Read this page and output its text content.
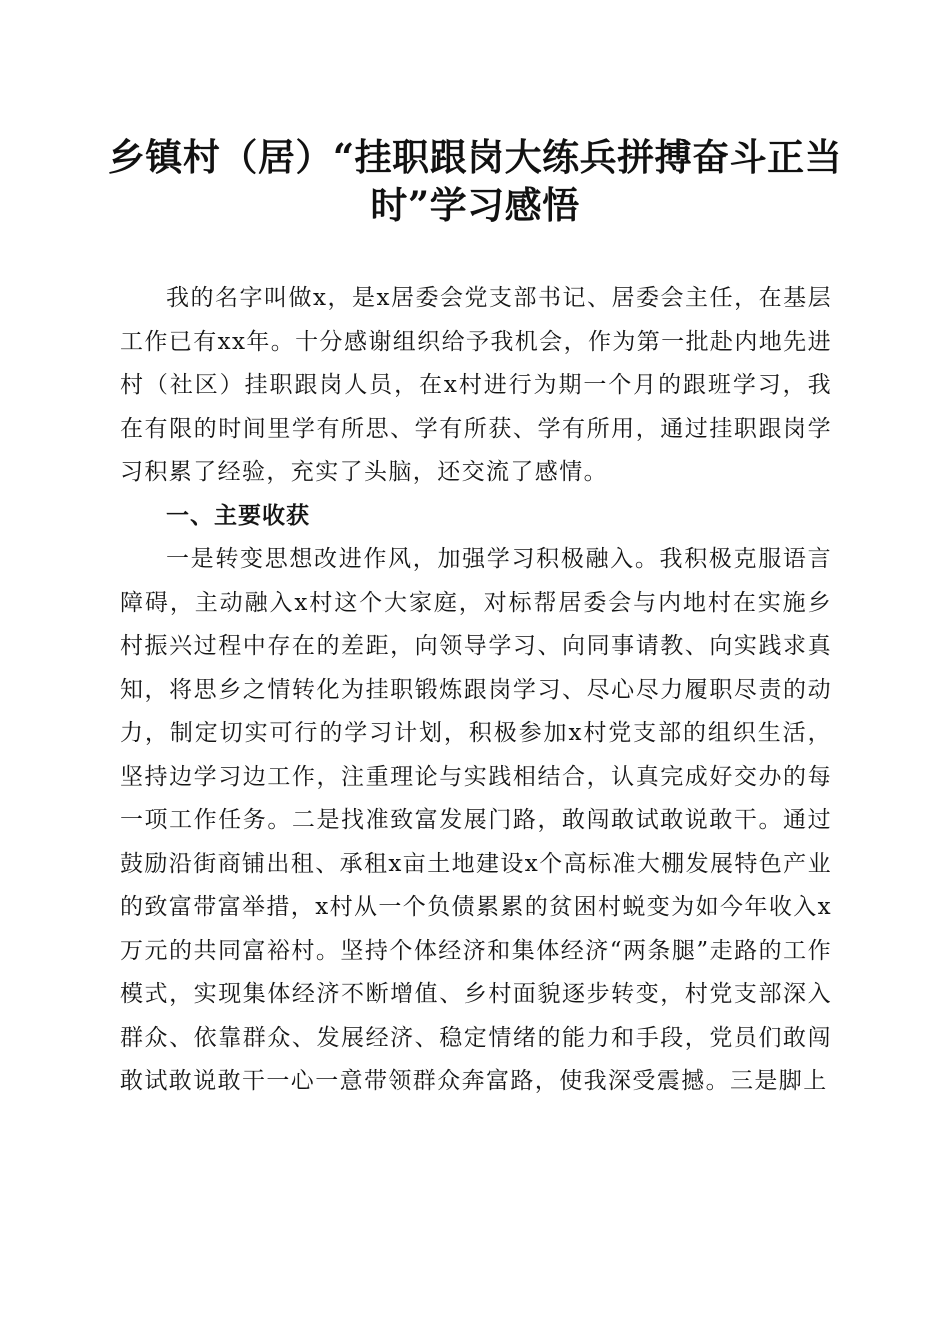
乡镇村（居）“挂职跟岗大练兵拼搏奋斗正当
时”学习感悟

我的名字叫做x，是x居委会党支部书记、居委会主任，在基层工作已有xx年。十分感谢组织给予我机会，作为第一批赴内地先进村（社区）挂职跟岗人员，在x村进行为期一个月的跟班学习，我在有限的时间里学有所思、学有所获、学有所用，通过挂职跟岗学习积累了经验，充实了头脑，还交流了感情。

一、主要收获

一是转变思想改进作风，加强学习积极融入。我积极克服语言障碍，主动融入x村这个大家庭，对标帮居委会与内地村在实施乡村振兴过程中存在的差距，向领导学习、向同事请教、向实践求真知，将思乡之情转化为挂职锻炼跟岗学习、尽心尽力履职尽责的动力，制定切实可行的学习计划，积极参加x村党支部的组织生活，坚持边学习边工作，注重理论与实践相结合，认真完成好交办的每一项工作任务。二是找准致富发展门路，敢闯敢试敢说敢干。通过鼓励沿街商铺出租、承租x亩土地建设x个高标准大棚发展特色产业的致富带富举措，x村从一个负债累累的贫困村蜕变为如今年收入x万元的共同富裕村。坚持个体经济和集体经济“两条腿”走路的工作模式，实现集体经济不断增值、乡村面貌逐步转变，村党支部深入群众、依靠群众、发展经济、稳定情绪的能力和手段，党员们敢闯敢试敢说敢干一心一意带领群众奔富路，使我深受震撼。三是脚上
